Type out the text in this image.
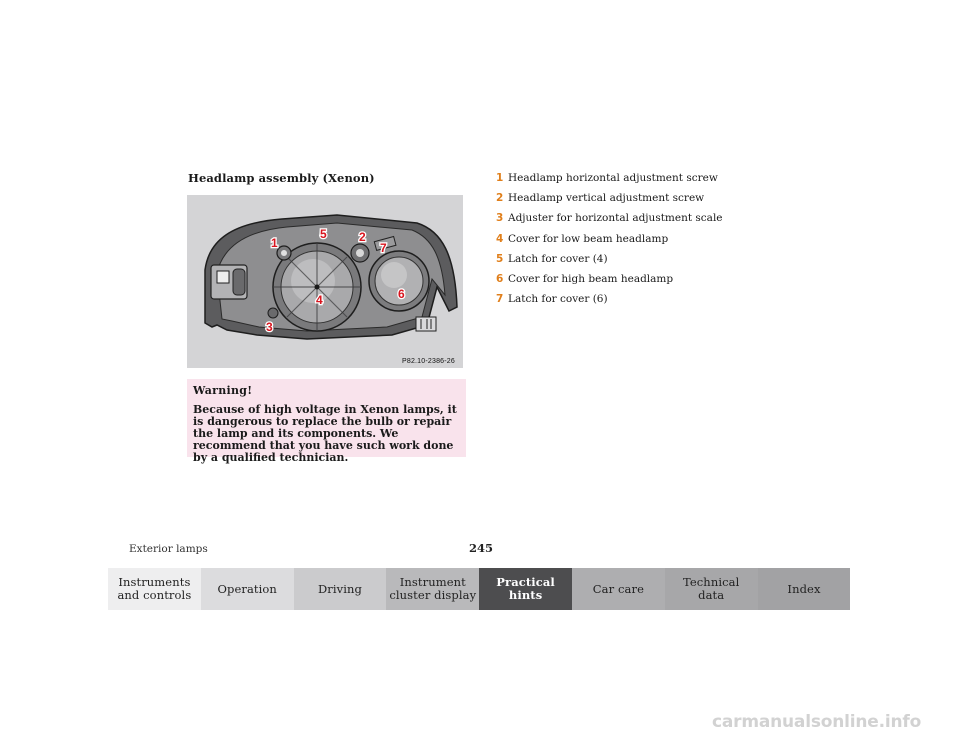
Headlamp assembly (Xenon)
1
5	2
7
6
4
3
P82.10-2386-26
Warning!
Because of high voltage in Xenon lamps, it is dangerous to replace the bulb or repair the lamp and its components. We recommend that you have such work done by a qualified technician.
1 Headlamp horizontal adjustment screw
2 Headlamp vertical adjustment screw
3 Adjuster for horizontal adjustment scale
4 Cover for low beam headlamp
5 Latch for cover (4)
6 Cover for high beam headlamp
7 Latch for cover (6)
Exterior lamps	245
Instruments
and controls	Operation	Driving	Instrument
cluster display
Practical hints	Car care	Technical
data	Index
carmanualsonline.info
